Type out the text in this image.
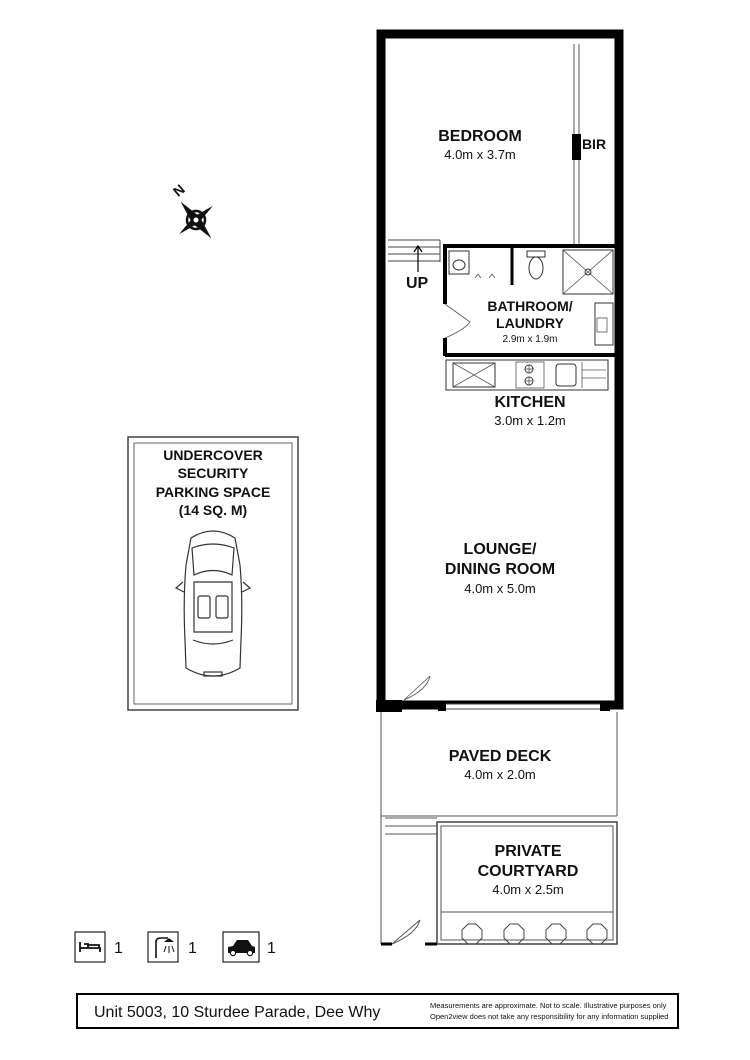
N
UNDERCOVER
SECURITY
PARKING SPACE
(14 SQ. M)
UP
BATHROOM/
LAUNDRY
2.9m x 1.9m
BEDROOM
4.0m x 3.7m
BIR
KITCHEN
3.0m x 1.2m
LOUNGE/
DINING ROOM
4.0m x 5.0m
PAVED DECK
4.0m x 2.0m
PRIVATE
COURTYARD
4.0m x 2.5m
1	1	1
Unit 5003, 10 Sturdee Parade, Dee Why	Measurements are approximate. Not to scale. Illustrative purposes only
Open2view does not take any responsibility for any information supplied
